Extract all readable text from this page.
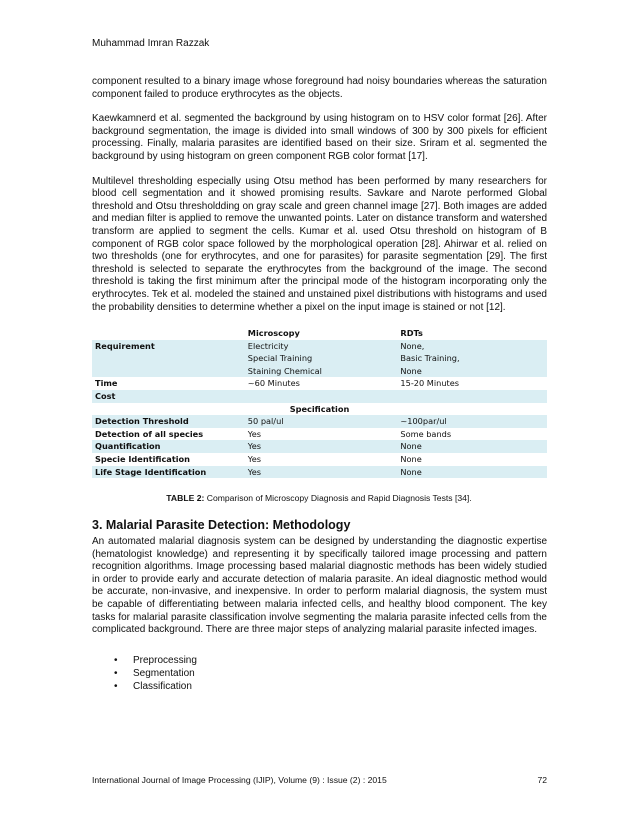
Muhammad Imran Razzak

component resulted to a binary image whose foreground had noisy boundaries whereas the saturation component failed to produce erythrocytes as the objects.

Kaewkamnerd et al. segmented the background by using histogram on to HSV color format [26]. After background segmentation, the image is divided into small windows of 300 by 300 pixels for efficient processing. Finally, malaria parasites are identified based on their size. Sriram et al. segmented the background by using histogram on green component RGB color format [17].

Multilevel thresholding especially using Otsu method has been performed by many researchers for blood cell segmentation and it showed promising results. Savkare and Narote performed Global threshold and Otsu thresholdding on gray scale and green channel image [27]. Both images are added and median filter is applied to remove the unwanted points. Later on distance transform and watershed transform are applied to segment the cells. Kumar et al. used Otsu threshold on histogram of B component of RGB color space followed by the morphological operation [28]. Ahirwar et al. relied on two thresholds (one for erythrocytes, and one for parasites) for parasite segmentation [29]. The first threshold is selected to separate the erythrocytes from the background of the image. The second threshold is taking the first minimum after the principal mode of the histogram incorporating only the erythrocytes. Tek et al. modeled the stained and unstained pixel distributions with histograms and used the probability densities to determine whether a pixel on the input image is stained or not [12].

	Microscopy	RDTs
Requirement	Electricity	None,
	Special Training	Basic Training,
	Staining Chemical	None
Time	~60 Minutes	15-20 Minutes
Cost		
Specification		
Detection Threshold	50 pal/ul	~100par/ul
Detection of all species	Yes	Some bands
Quantification	Yes	None
Specie Identification	Yes	None
Life Stage Identification	Yes	None
TABLE 2: Comparison of Microscopy Diagnosis and Rapid Diagnosis Tests [34].
3. Malarial Parasite Detection: Methodology

An automated malarial diagnosis system can be designed by understanding the diagnostic expertise (hematologist knowledge) and representing it by specifically tailored image processing and pattern recognition algorithms. Image processing based malarial diagnostic methods has been widely studied in order to provide early and accurate detection of malaria parasite. An ideal diagnostic method would be accurate, non-invasive, and inexpensive. In order to perform malarial diagnosis, the system must be capable of differentiating between malaria infected cells, and healthy blood component. The key tasks for malarial parasite classification involve segmenting the malaria parasite infected cells from the complicated background. There are three major steps of analyzing malarial parasite infected images.

• Preprocessing
• Segmentation
• Classification
International Journal of Image Processing (IJIP), Volume (9) : Issue (2) : 2015	72
